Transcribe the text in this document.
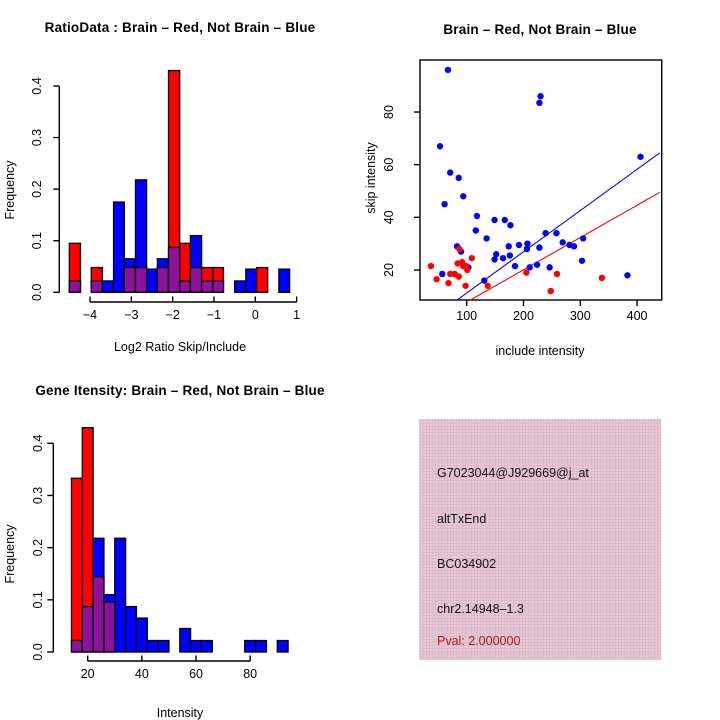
RatioData : Brain – Red, Not Brain – Blue
−4 −3 −2 −1 0	1
0.0
0.1
0.2
0.3
0.4
Log2 Ratio Skip/Include
Frequency
Brain – Red, Not Brain – Blue
100	200	300	400
20
40
60
80
include intensity
skip intensity
Gene Itensity: Brain – Red, Not Brain – Blue
20	40	60	80
0.0
0.1
0.2
0.3
0.4
Intensity
Frequency
G7023044@J929669@j_at
altTxEnd
BC034902
chr2.14948–1.3
Pval: 2.000000
